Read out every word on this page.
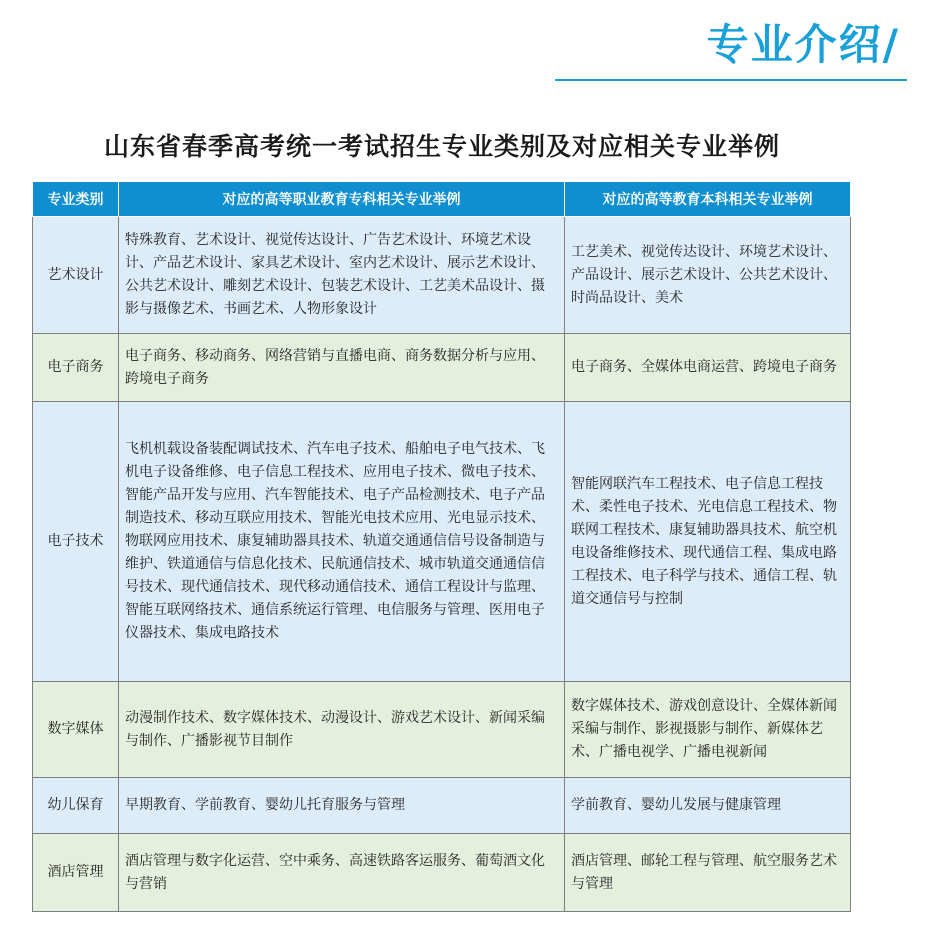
专业介绍/
山东省春季高考统一考试招生专业类别及对应相关专业举例
专业类别	对应的高等职业教育专科相关专业举例	对应的高等教育本科相关专业举例
艺术设计	特殊教育、艺术设计、视觉传达设计、广告艺术设计、环境艺术设计、产品艺术设计、家具艺术设计、室内艺术设计、展示艺术设计、公共艺术设计、雕刻艺术设计、包装艺术设计、工艺美术品设计、摄影与摄像艺术、书画艺术、人物形象设计	工艺美术、视觉传达设计、环境艺术设计、产品设计、展示艺术设计、公共艺术设计、时尚品设计、美术
电子商务	电子商务、移动商务、网络营销与直播电商、商务数据分析与应用、跨境电子商务	电子商务、全媒体电商运营、跨境电子商务
电子技术	飞机机载设备装配调试技术、汽车电子技术、船舶电子电气技术、飞机电子设备维修、电子信息工程技术、应用电子技术、微电子技术、智能产品开发与应用、汽车智能技术、电子产品检测技术、电子产品制造技术、移动互联应用技术、智能光电技术应用、光电显示技术、物联网应用技术、康复辅助器具技术、轨道交通通信信号设备制造与维护、铁道通信与信息化技术、民航通信技术、城市轨道交通通信信号技术、现代通信技术、现代移动通信技术、通信工程设计与监理、智能互联网络技术、通信系统运行管理、电信服务与管理、医用电子仪器技术、集成电路技术	智能网联汽车工程技术、电子信息工程技术、柔性电子技术、光电信息工程技术、物联网工程技术、康复辅助器具技术、航空机电设备维修技术、现代通信工程、集成电路工程技术、电子科学与技术、通信工程、轨道交通信号与控制
数字媒体	动漫制作技术、数字媒体技术、动漫设计、游戏艺术设计、新闻采编与制作、广播影视节目制作	数字媒体技术、游戏创意设计、全媒体新闻采编与制作、影视摄影与制作、新媒体艺术、广播电视学、广播电视新闻
幼儿保育	早期教育、学前教育、婴幼儿托育服务与管理	学前教育、婴幼儿发展与健康管理
酒店管理	酒店管理与数字化运营、空中乘务、高速铁路客运服务、葡萄酒文化与营销	酒店管理、邮轮工程与管理、航空服务艺术与管理
